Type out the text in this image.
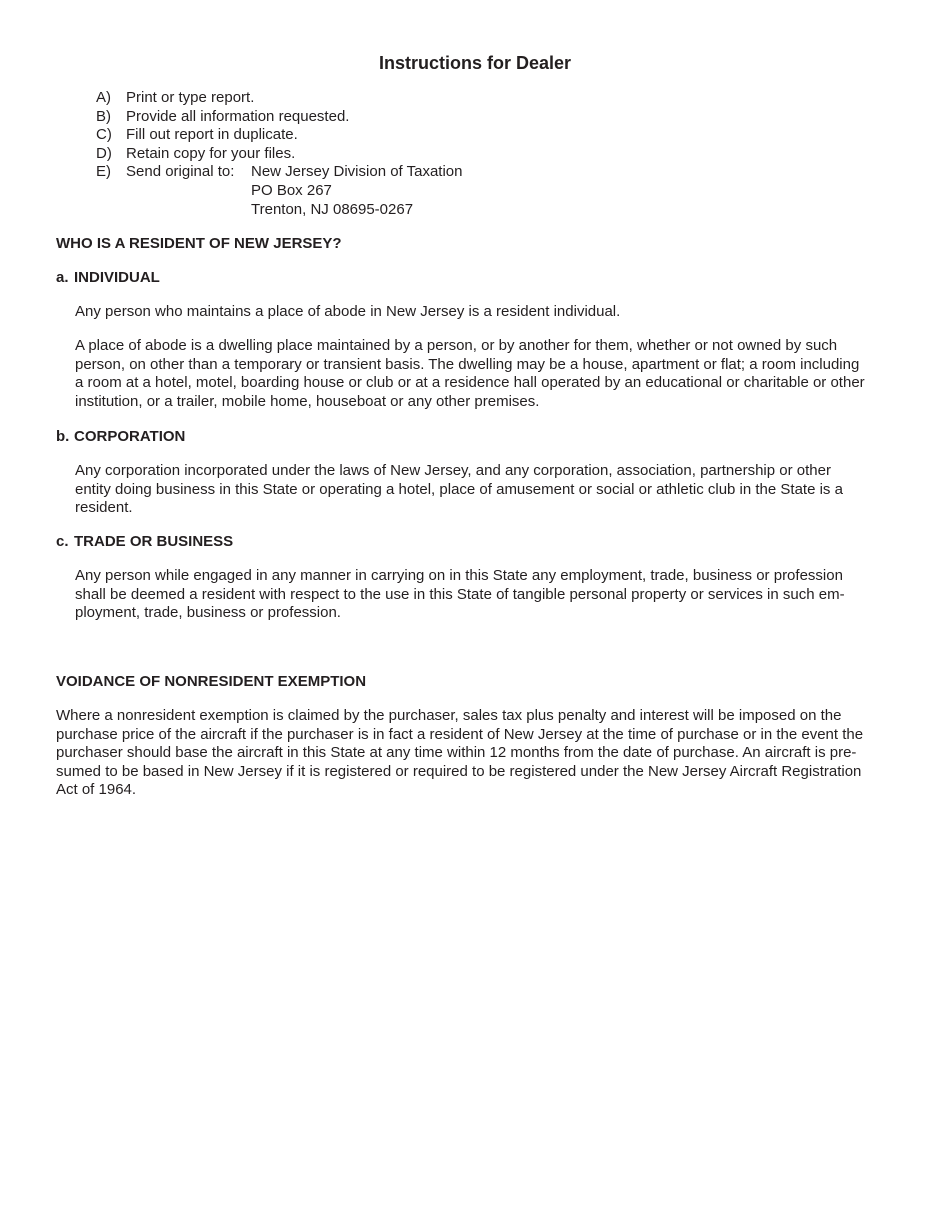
Instructions for Dealer
A) Print or type report.
B) Provide all information requested.
C) Fill out report in duplicate.
D) Retain copy for your files.
E) Send original to: New Jersey Division of Taxation
PO Box 267
Trenton, NJ 08695-0267
WHO IS A RESIDENT OF NEW JERSEY?
a. INDIVIDUAL

Any person who maintains a place of abode in New Jersey is a resident individual.

A place of abode is a dwelling place maintained by a person, or by another for them, whether or not owned by such
person, on other than a temporary or transient basis. The dwelling may be a house, apartment or flat; a room including
a room at a hotel, motel, boarding house or club or at a residence hall operated by an educational or charitable or other
institution, or a trailer, mobile home, houseboat or any other premises.
b. CORPORATION
Any corporation incorporated under the laws of New Jersey, and any corporation, association, partnership or other
entity doing business in this State or operating a hotel, place of amusement or social or athletic club in the State is a
resident.
c. TRADE OR BUSINESS
Any person while engaged in any manner in carrying on in this State any employment, trade, business or profession
shall be deemed a resident with respect to the use in this State of tangible personal property or services in such em-
ployment, trade, business or profession.
VOIDANCE OF NONRESIDENT EXEMPTION
Where a nonresident exemption is claimed by the purchaser, sales tax plus penalty and interest will be imposed on the
purchase price of the aircraft if the purchaser is in fact a resident of New Jersey at the time of purchase or in the event the
purchaser should base the aircraft in this State at any time within 12 months from the date of purchase. An aircraft is pre-
sumed to be based in New Jersey if it is registered or required to be registered under the New Jersey Aircraft Registration
Act of 1964.
